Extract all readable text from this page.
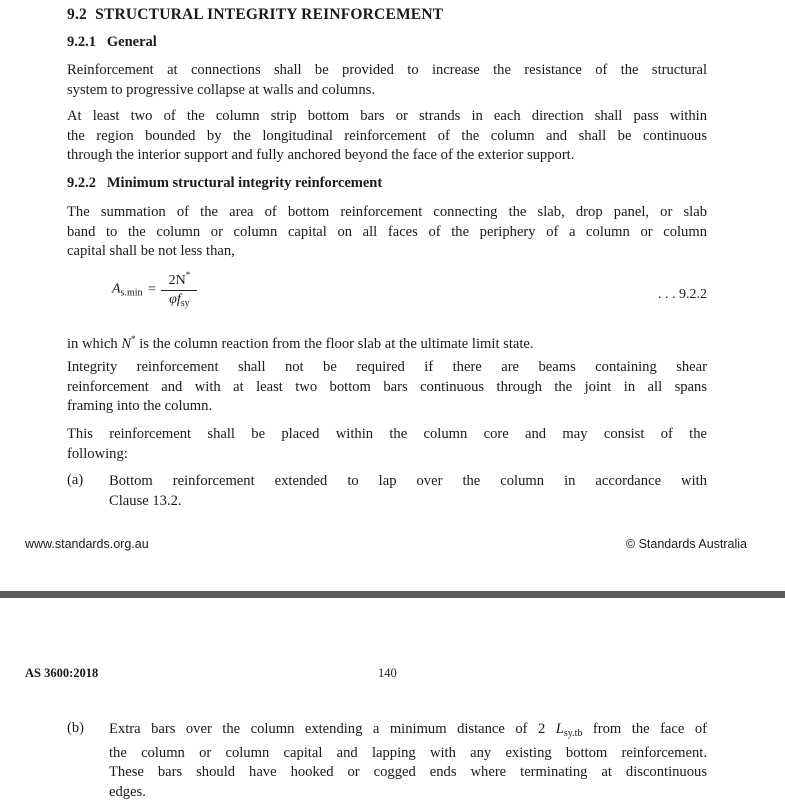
9.2 STRUCTURAL INTEGRITY REINFORCEMENT
9.2.1 General
Reinforcement at connections shall be provided to increase the resistance of the structural
system to progressive collapse at walls and columns.
At least two of the column strip bottom bars or strands in each direction shall pass within
the region bounded by the longitudinal reinforcement of the column and shall be continuous
through the interior support and fully anchored beyond the face of the exterior support.
9.2.2 Minimum structural integrity reinforcement
The summation of the area of bottom reinforcement connecting the slab, drop panel, or slab
band to the column or column capital on all faces of the periphery of a column or column
capital shall be not less than,
$A_{s.min} = \frac{2N^*}{\varphi f_{sy}}$	. . . 9.2.2
in which N* is the column reaction from the floor slab at the ultimate limit state.
Integrity reinforcement shall not be required if there are beams containing shear
reinforcement and with at least two bottom bars continuous through the joint in all spans
framing into the column.
This reinforcement shall be placed within the column core and may consist of the
following:
(a) Bottom reinforcement extended to lap over the column in accordance with
Clause 13.2.
www.standards.org.au	© Standards Australia
AS 3600:2018	140
(b) Extra bars over the column extending a minimum distance of 2 $L_{sy.tb}$ from the face of
the column or column capital and lapping with any existing bottom reinforcement.
These bars should have hooked or cogged ends where terminating at discontinuous
edges.
